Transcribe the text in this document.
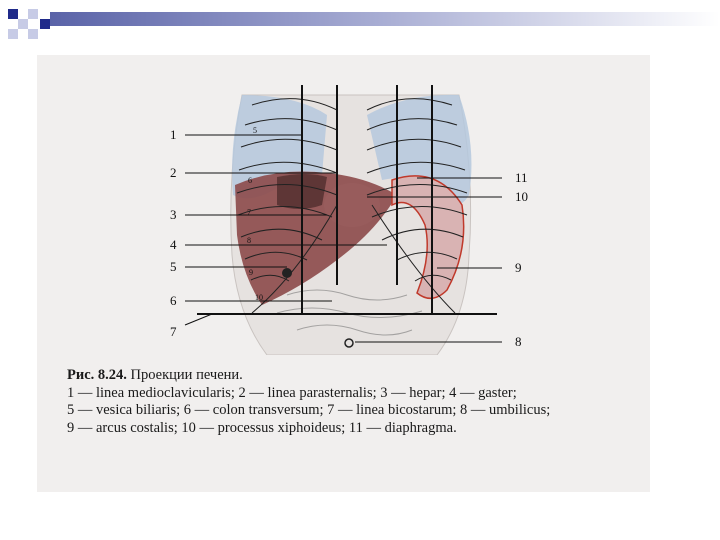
1
2
3
4
5
6
7
8
9
10
11
5
6
7
8
9
10
Рис. 8.24. Проекции печени.
1 — linea medioclavicularis; 2 — linea parasternalis; 3 — hepar; 4 — gaster;
5 — vesica biliaris; 6 — colon transversum; 7 — linea bicostarum; 8 — umbilicus;
9 — arcus costalis; 10 — processus xiphoideus; 11 — diaphragma.
